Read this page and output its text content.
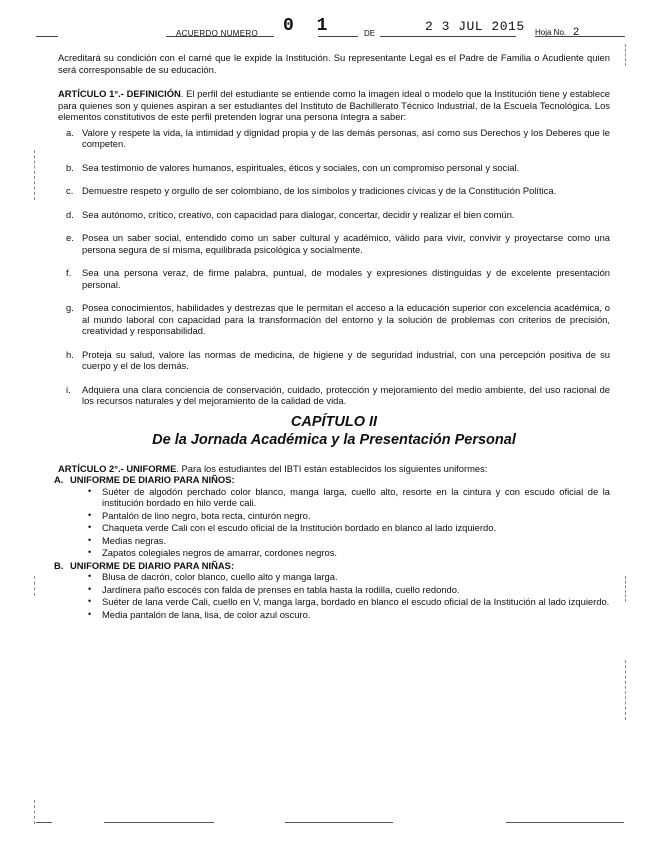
ACUERDO NUMERO 0 1	DE	2 3 JUL 2015 Hoja No. 2

Acreditará su condición con el carné que le expide la Institución. Su representante Legal es el Padre de Familia o Acudiente quien será corresponsable de su educación.

ARTÍCULO 1°.- DEFINICIÓN. El perfil del estudiante se entiende como la imagen ideal o modelo que la Institución tiene y establece para quienes son y quienes aspiran a ser estudiantes del Instituto de Bachillerato Técnico Industrial, de la Escuela Tecnológica. Los elementos constitutivos de este perfil pretenden lograr una persona íntegra a saber:

a. Valore y respete la vida, la intimidad y dignidad propia y de las demás personas, así como sus Derechos y los Deberes que le competen.
b. Sea testimonio de valores humanos, espirituales, éticos y sociales, con un compromiso personal y social.
c. Demuestre respeto y orgullo de ser colombiano, de los símbolos y tradiciones cívicas y de la Constitución Política.
d. Sea autónomo, crítico, creativo, con capacidad para dialogar, concertar, decidir y realizar el bien común.
e. Posea un saber social, entendido como un saber cultural y académico, válido para vivir, convivir y proyectarse como una persona segura de sí misma, equilibrada psicológica y socialmente.
f. Sea una persona veraz, de firme palabra, puntual, de modales y expresiones distinguidas y de excelente presentación personal.
g. Posea conocimientos, habilidades y destrezas que le permitan el acceso a la educación superior con excelencia académica, o al mundo laboral con capacidad para la transformación del entorno y la solución de problemas con criterios de precisión, creatividad y responsabilidad.
h. Proteja su salud, valore las normas de medicina, de higiene y de seguridad industrial, con una percepción positiva de su cuerpo y el de los demás.
i. Adquiera una clara conciencia de conservación, cuidado, protección y mejoramiento del medio ambiente, del uso racional de los recursos naturales y del mejoramiento de la calidad de vida.
CAPÍTULO II
De la Jornada Académica y la Presentación Personal

ARTÍCULO 2°.- UNIFORME. Para los estudiantes del IBTI están establecidos los siguientes uniformes:

A. UNIFORME DE DIARIO PARA NIÑOS:
• Suéter de algodón perchado color blanco, manga larga, cuello alto, resorte en la cintura y con escudo oficial de la institución bordado en hilo verde cali.
• Pantalón de lino negro, bota recta, cinturón negro.
• Chaqueta verde Cali con el escudo oficial de la Institución bordado en blanco al lado izquierdo.
• Medias negras.
• Zapatos colegiales negros de amarrar, cordones negros.
B. UNIFORME DE DIARIO PARA NIÑAS:
• Blusa de dacrón, color blanco, cuello alto y manga larga.
• Jardinera paño escocés con falda de prenses en tabla hasta la rodilla, cuello redondo.
• Suéter de lana verde Cali, cuello en V, manga larga, bordado en blanco el escudo oficial de la Institución al lado izquierdo.
• Media pantalón de lana, lisa, de color azul oscuro.
